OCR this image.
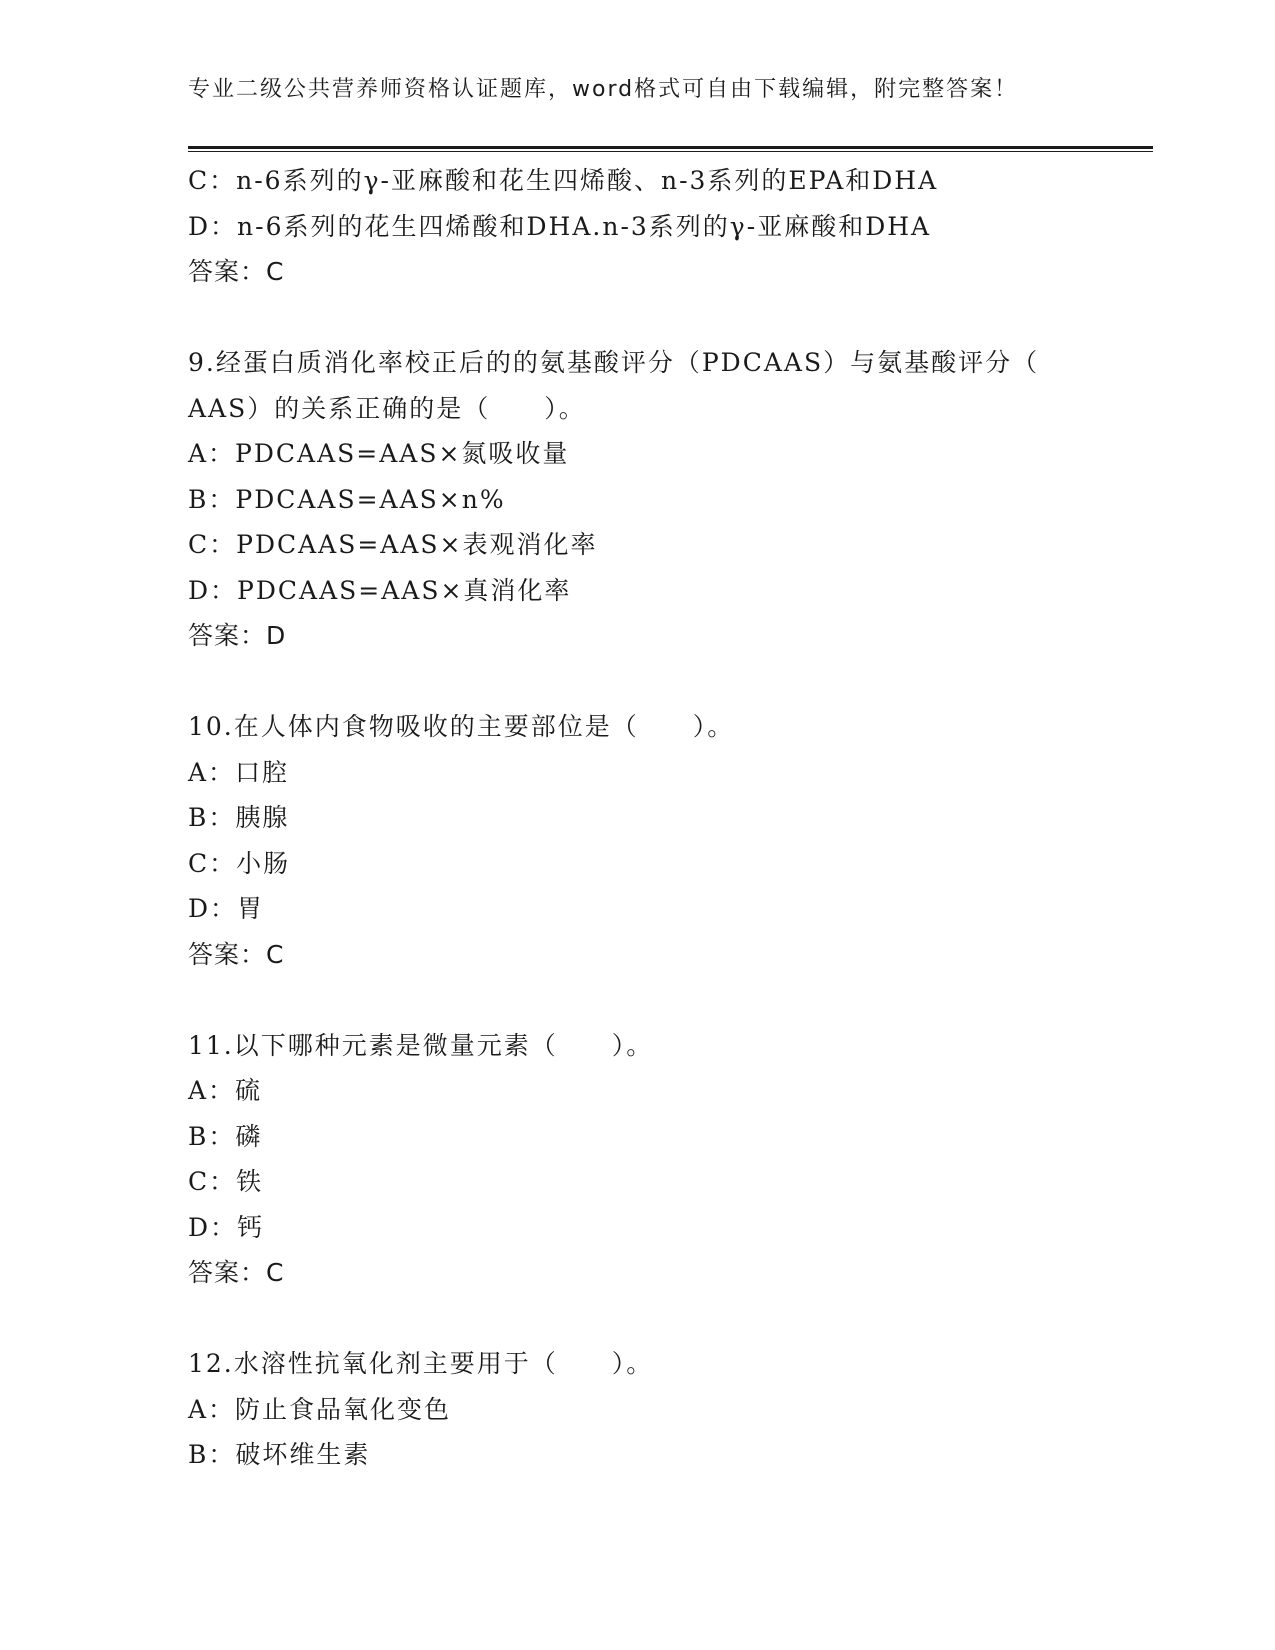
专业二级公共营养师资格认证题库，word格式可自由下载编辑，附完整答案！
C：n-6系列的γ-亚麻酸和花生四烯酸、n-3系列的EPA和DHA
D：n-6系列的花生四烯酸和DHA.n-3系列的γ-亚麻酸和DHA
答案：C
9.经蛋白质消化率校正后的的氨基酸评分（PDCAAS）与氨基酸评分（
AAS）的关系正确的是（　　）。
A：PDCAAS=AAS×氮吸收量
B：PDCAAS=AAS×n%
C：PDCAAS=AAS×表观消化率
D：PDCAAS=AAS×真消化率
答案：D
10.在人体内食物吸收的主要部位是（　　）。
A：口腔
B：胰腺
C：小肠
D：胃
答案：C
11.以下哪种元素是微量元素（　　）。
A：硫
B：磷
C：铁
D：钙
答案：C
12.水溶性抗氧化剂主要用于（　　）。
A：防止食品氧化变色
B：破坏维生素
